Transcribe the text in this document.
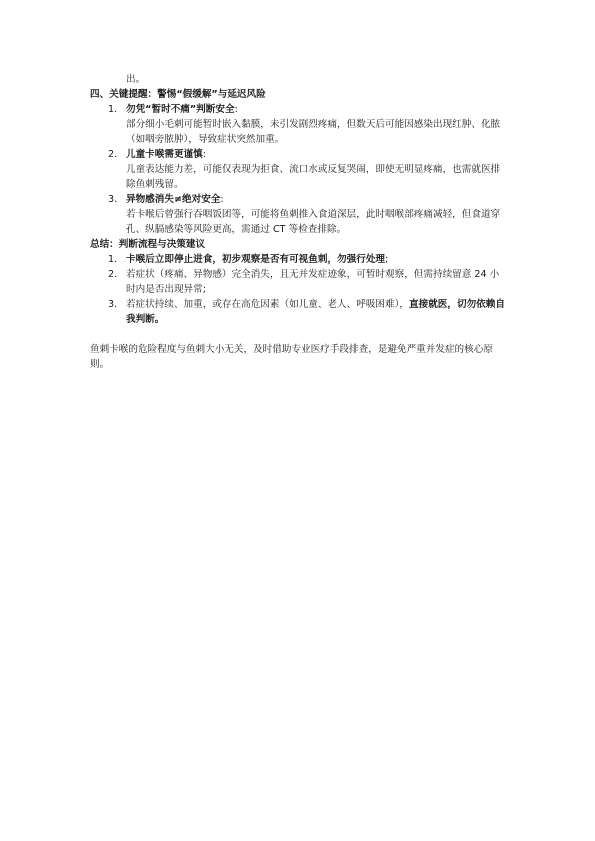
出。
四、关键提醒：警惕“假缓解”与延迟风险
1. 勿凭“暂时不痛”判断安全:
部分细小毛刺可能暂时嵌入黏膜，未引发剧烈疼痛，但数天后可能因感染出现红肿、化脓（如咽旁脓肿），导致症状突然加重。
2. 儿童卡喉需更谨慎:
儿童表达能力差，可能仅表现为拒食、流口水或反复哭闹，即使无明显疼痛，也需就医排除鱼刺残留。
3. 异物感消失≠绝对安全:
若卡喉后曾强行吞咽饭团等，可能将鱼刺推入食道深层，此时咽喉部疼痛减轻，但食道穿孔、纵膈感染等风险更高，需通过 CT 等检查排除。
总结：判断流程与决策建议
1. 卡喉后立即停止进食，初步观察是否有可视鱼刺，勿强行处理;
2. 若症状（疼痛、异物感）完全消失，且无并发症迹象，可暂时观察，但需持续留意 24 小时内是否出现异常;
3. 若症状持续、加重，或存在高危因素（如儿童、老人、呼吸困难），直接就医，切勿依赖自我判断。
鱼刺卡喉的危险程度与鱼刺大小无关，及时借助专业医疗手段排查，是避免严重并发症的核心原则。
